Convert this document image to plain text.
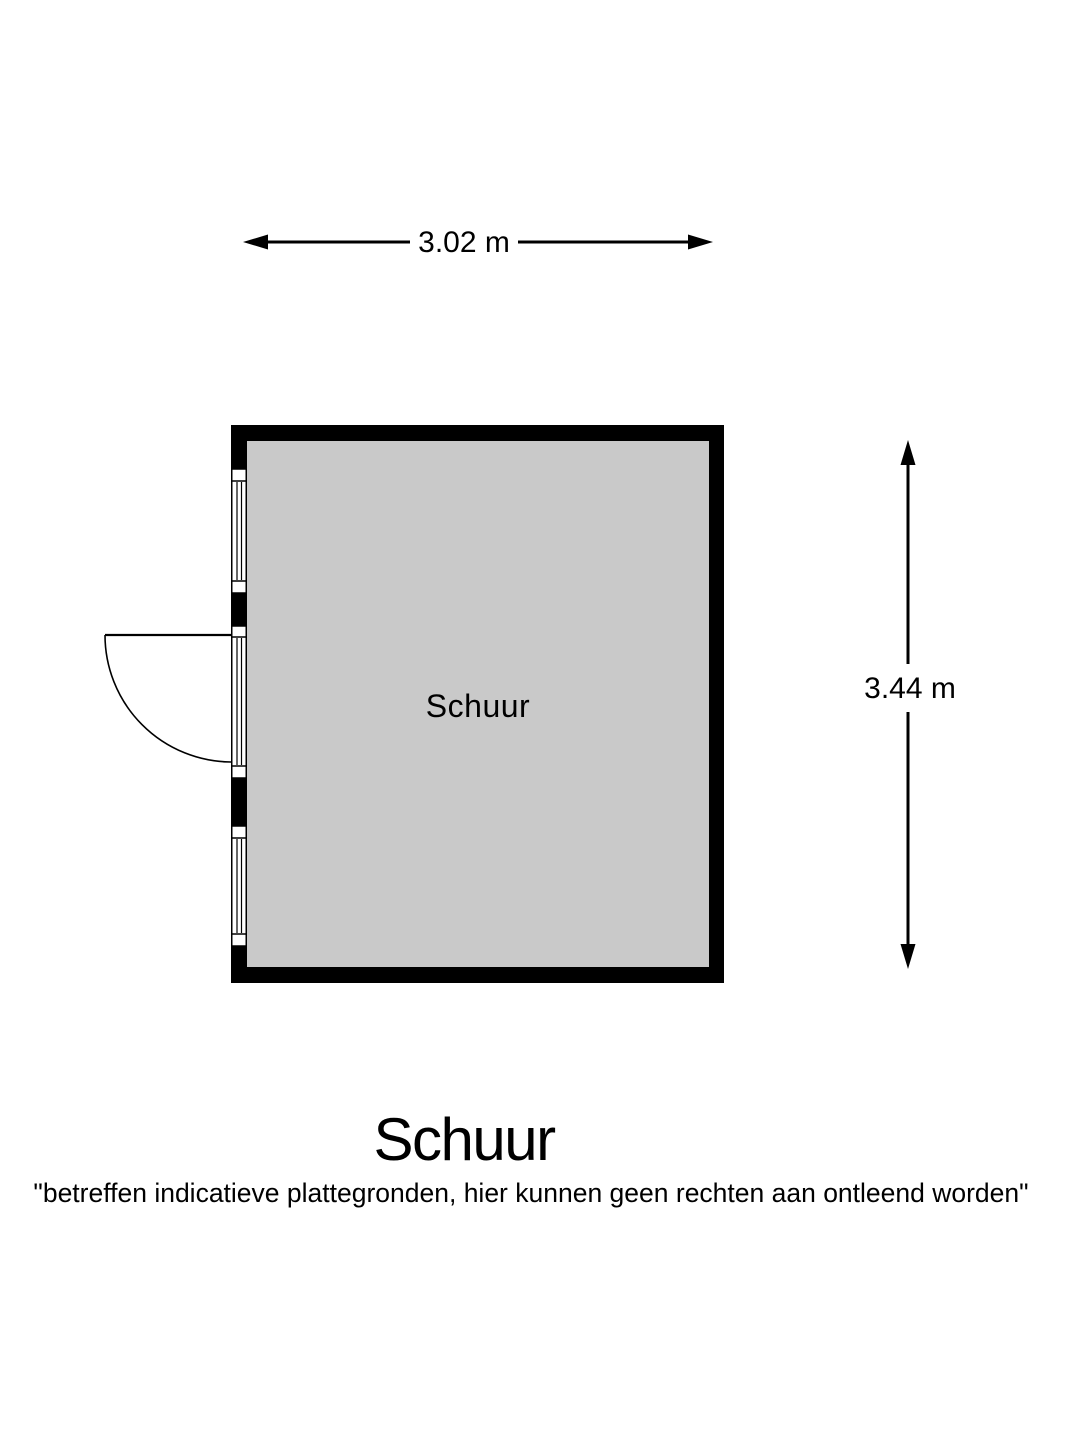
3.02 m
Schuur	3.44 m
Schuur
"betreffen indicatieve plattegronden, hier kunnen geen rechten aan ontleend worden"
